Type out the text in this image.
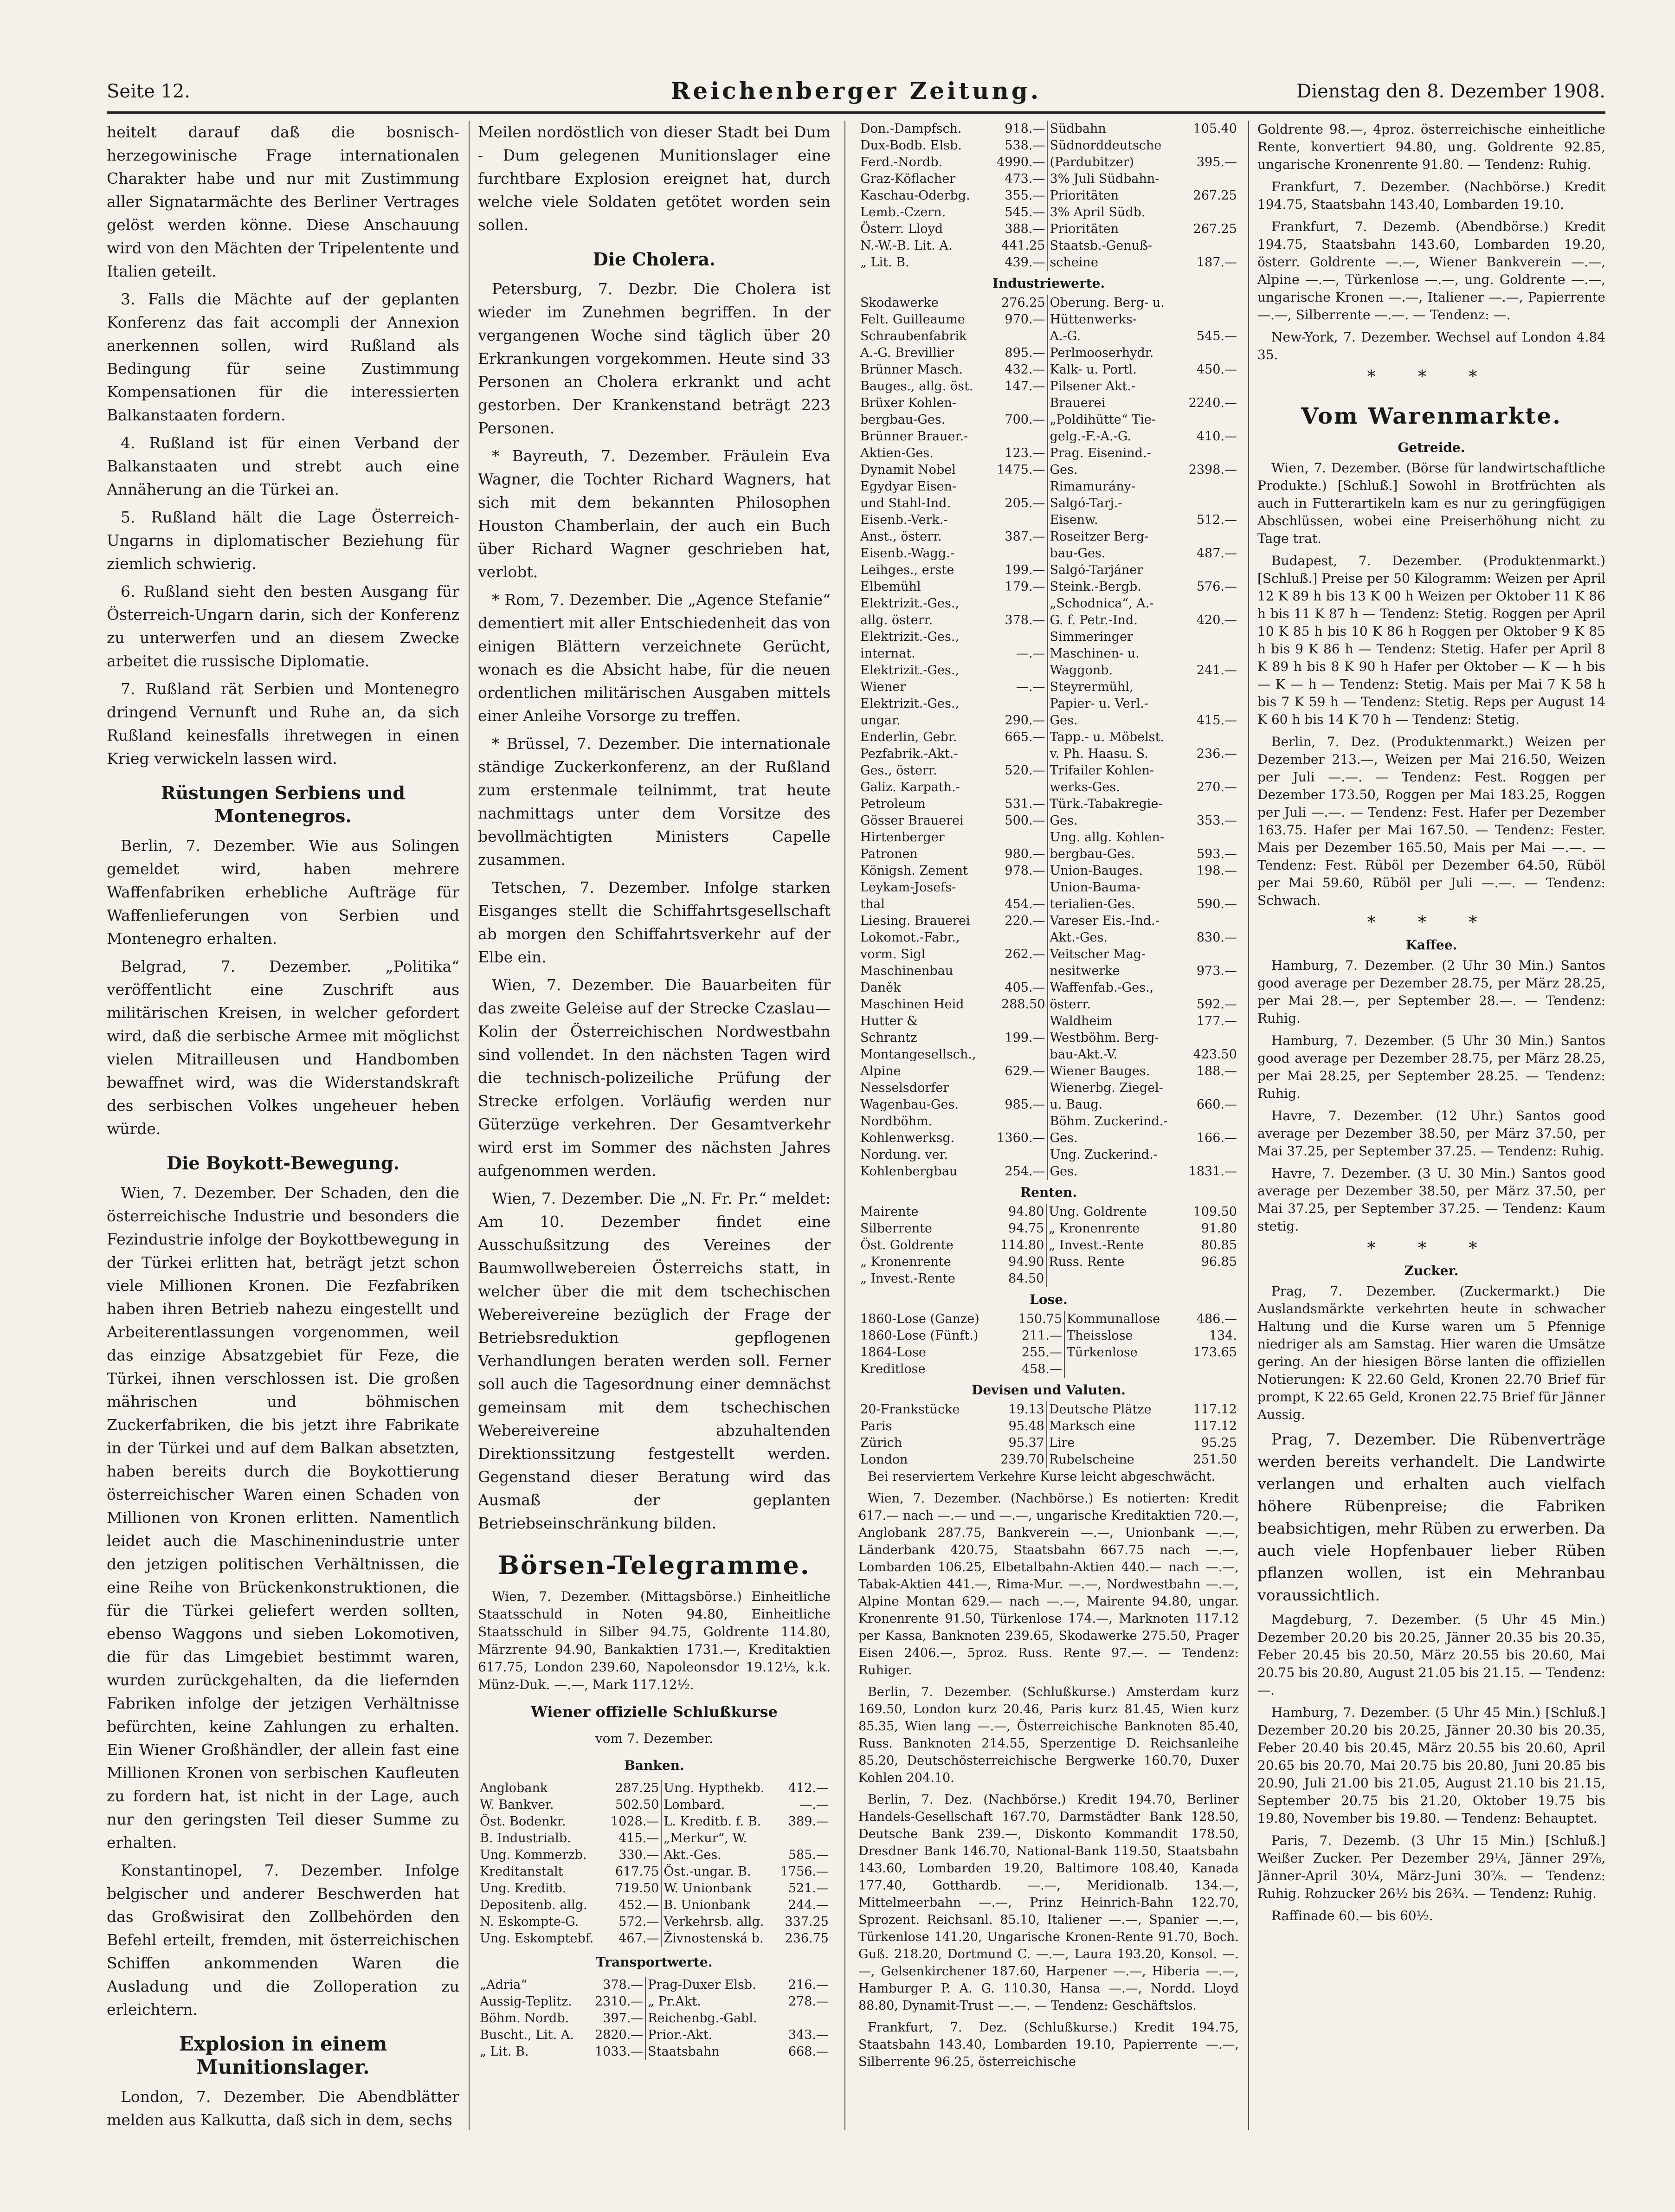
Seite 12.	Reichenberger Zeitung.	Dienstag den 8. Dezember 1908.

heitelt darauf daß die bosnisch-herzegowinische Frage internationalen Charakter habe und nur mit Zustimmung aller Signatarmächte des Berliner Vertrages gelöst werden könne. Diese Anschauung wird von den Mächten der Tripelentente und Italien geteilt.

3. Falls die Mächte auf der geplanten Konferenz das fait accompli der Annexion anerkennen sollen, wird Rußland als Bedingung für seine Zustimmung Kompensationen für die interessierten Balkanstaaten fordern.

4. Rußland ist für einen Verband der Balkanstaaten und strebt auch eine Annäherung an die Türkei an.

5. Rußland hält die Lage Österreich-Ungarns in diplomatischer Beziehung für ziemlich schwierig.

6. Rußland sieht den besten Ausgang für Österreich-Ungarn darin, sich der Konferenz zu unterwerfen und an diesem Zwecke arbeitet die russische Diplomatie.

7. Rußland rät Serbien und Montenegro dringend Vernunft und Ruhe an, da sich Rußland keinesfalls ihretwegen in einen Krieg verwickeln lassen wird.

Rüstungen Serbiens und Montenegros.

Berlin, 7. Dezember. Wie aus Solingen gemeldet wird, haben mehrere Waffenfabriken erhebliche Aufträge für Waffenlieferungen von Serbien und Montenegro erhalten.

Belgrad, 7. Dezember. „Politika“ veröffentlicht eine Zuschrift aus militärischen Kreisen, in welcher gefordert wird, daß die serbische Armee mit möglichst vielen Mitrailleusen und Handbomben bewaffnet wird, was die Widerstandskraft des serbischen Volkes ungeheuer heben würde.

Die Boykott-Bewegung.

Wien, 7. Dezember. Der Schaden, den die österreichische Industrie und besonders die Fezindustrie infolge der Boykottbewegung in der Türkei erlitten hat, beträgt jetzt schon viele Millionen Kronen. Die Fezfabriken haben ihren Betrieb nahezu eingestellt und Arbeiterentlassungen vorgenommen, weil das einzige Absatzgebiet für Feze, die Türkei, ihnen verschlossen ist. Die großen mährischen und böhmischen Zuckerfabriken, die bis jetzt ihre Fabrikate in der Türkei und auf dem Balkan absetzten, haben bereits durch die Boykottierung österreichischer Waren einen Schaden von Millionen von Kronen erlitten. Namentlich leidet auch die Maschinenindustrie unter den jetzigen politischen Verhältnissen, die eine Reihe von Brückenkonstruktionen, die für die Türkei geliefert werden sollten, ebenso Waggons und sieben Lokomotiven, die für das Limgebiet bestimmt waren, wurden zurückgehalten, da die liefernden Fabriken infolge der jetzigen Verhältnisse befürchten, keine Zahlungen zu erhalten. Ein Wiener Großhändler, der allein fast eine Millionen Kronen von serbischen Kaufleuten zu fordern hat, ist nicht in der Lage, auch nur den geringsten Teil dieser Summe zu erhalten.

Konstantinopel, 7. Dezember. Infolge belgischer und anderer Beschwerden hat das Großwisirat den Zollbehörden den Befehl erteilt, fremden, mit österreichischen Schiffen ankommenden Waren die Ausladung und die Zolloperation zu erleichtern.

Explosion in einem Munitionslager.

London, 7. Dezember. Die Abendblätter melden aus Kalkutta, daß sich in dem, sechs

Meilen nordöstlich von dieser Stadt bei Dum - Dum gelegenen Munitionslager eine furchtbare Explosion ereignet hat, durch welche viele Soldaten getötet worden sein sollen.

Die Cholera.

Petersburg, 7. Dezbr. Die Cholera ist wieder im Zunehmen begriffen. In der vergangenen Woche sind täglich über 20 Erkrankungen vorgekommen. Heute sind 33 Personen an Cholera erkrankt und acht gestorben. Der Krankenstand beträgt 223 Personen.

* Bayreuth, 7. Dezember. Fräulein Eva Wagner, die Tochter Richard Wagners, hat sich mit dem bekannten Philosophen Houston Chamberlain, der auch ein Buch über Richard Wagner geschrieben hat, verlobt.

* Rom, 7. Dezember. Die „Agence Stefanie“ dementiert mit aller Entschiedenheit das von einigen Blättern verzeichnete Gerücht, wonach es die Absicht habe, für die neuen ordentlichen militärischen Ausgaben mittels einer Anleihe Vorsorge zu treffen.

* Brüssel, 7. Dezember. Die internationale ständige Zuckerkonferenz, an der Rußland zum erstenmale teilnimmt, trat heute nachmittags unter dem Vorsitze des bevollmächtigten Ministers Capelle zusammen.

Tetschen, 7. Dezember. Infolge starken Eisganges stellt die Schiffahrtsgesellschaft ab morgen den Schiffahrtsverkehr auf der Elbe ein.

Wien, 7. Dezember. Die Bauarbeiten für das zweite Geleise auf der Strecke Czaslau—Kolin der Österreichischen Nordwestbahn sind vollendet. In den nächsten Tagen wird die technisch-polizeiliche Prüfung der Strecke erfolgen. Vorläufig werden nur Güterzüge verkehren. Der Gesamtverkehr wird erst im Sommer des nächsten Jahres aufgenommen werden.

Wien, 7. Dezember. Die „N. Fr. Pr.“ meldet: Am 10. Dezember findet eine Ausschußsitzung des Vereines der Baumwollwebereien Österreichs statt, in welcher über die mit dem tschechischen Webereivereine bezüglich der Frage der Betriebsreduktion gepflogenen Verhandlungen beraten werden soll. Ferner soll auch die Tagesordnung einer demnächst gemeinsam mit dem tschechischen Webereivereine abzuhaltenden Direktionssitzung festgestellt werden. Gegenstand dieser Beratung wird das Ausmaß der geplanten Betriebseinschränkung bilden.

Börsen-Telegramme.

Wien, 7. Dezember. (Mittagsbörse.) Einheitliche Staatsschuld in Noten 94.80, Einheitliche Staatsschuld in Silber 94.75, Goldrente 114.80, Märzrente 94.90, Bankaktien 1731.—, Kreditaktien 617.75, London 239.60, Napoleonsdor 19.12½, k.k. Münz-Duk. —.—, Mark 117.12½.

Wiener offizielle Schlußkurse
vom 7. Dezember.
Banken.
Anglobank	287.25	Ung. Hypthekb.	412.—
W. Bankver.	502.50	Lombard.	—.—
Öst. Bodenkr.	1028.—	L. Kreditb. f. B.	389.—
B. Industrialb.	415.—	„Merkur“, W.	
Ung. Kommerzb.	330.—	Akt.-Ges.	585.—
Kreditanstalt	617.75	Öst.-ungar. B.	1756.—
Ung. Kreditb.	719.50	W. Unionbank	521.—
Depositenb. allg.	452.—	B. Unionbank	244.—
N. Eskompte-G.	572.—	Verkehrsb. allg.	337.25
Ung. Eskomptebf.	467.—	Živnostenská b.	236.75
Transportwerte.
„Adria“	378.—	Prag-Duxer Elsb.	216.—
Aussig-Teplitz.	2310.—	„ Pr.Akt.	278.—
Böhm. Nordb.	397.—	Reichenbg.-Gabl.	
Buscht., Lit. A.	2820.—	Prior.-Akt.	343.—
„ Lit. B.	1033.—	Staatsbahn	668.—
Don.-Dampfsch.	918.—	Südbahn	105.40
Dux-Bodb. Elsb.	538.—	Südnorddeutsche	
Ferd.-Nordb.	4990.—	(Pardubitzer)	395.—
Graz-Köflacher	473.—	3% Juli Südbahn-	
Kaschau-Oderbg.	355.—	Prioritäten	267.25
Lemb.-Czern.	545.—	3% April Südb.	
Österr. Lloyd	388.—	Prioritäten	267.25
N.-W.-B. Lit. A.	441.25	Staatsb.-Genuß-	
„ Lit. B.	439.—	scheine	187.—
Industriewerte.
Skodawerke	276.25	Oberung. Berg- u.	
Felt. Guilleaume	970.—	Hüttenwerks-	
Schraubenfabrik		A.-G.	545.—
A.-G. Brevillier	895.—	Perlmooserhydr.	
Brünner Masch.	432.—	Kalk- u. Portl.	450.—
Bauges., allg. öst.	147.—	Pilsener Akt.-	
Brüxer Kohlen-		Brauerei	2240.—
bergbau-Ges.	700.—	„Poldihütte“ Tie-	
Brünner Brauer.-		gelg.-F.-A.-G.	410.—
Aktien-Ges.	123.—	Prag. Eisenind.-	
Dynamit Nobel	1475.—	Ges.	2398.—
Egydyar Eisen-		Rimamurány-	
und Stahl-Ind.	205.—	Salgó-Tarj.-	
Eisenb.-Verk.-		Eisenw.	512.—
Anst., österr.	387.—	Roseitzer Berg-	
Eisenb.-Wagg.-		bau-Ges.	487.—
Leihges., erste	199.—	Salgó-Tarjáner	
Elbemühl	179.—	Steink.-Bergb.	576.—
Elektrizit.-Ges.,		„Schodnica“, A.-	
allg. österr.	378.—	G. f. Petr.-Ind.	420.—
Elektrizit.-Ges.,		Simmeringer	
internat.	—.—	Maschinen- u.	
Elektrizit.-Ges.,		Waggonb.	241.—
Wiener	—.—	Steyrermühl,	
Elektrizit.-Ges.,		Papier- u. Verl.-	
ungar.	290.—	Ges.	415.—
Enderlin, Gebr.	665.—	Tapp.- u. Möbelst.	
Pezfabrik.-Akt.-		v. Ph. Haasu. S.	236.—
Ges., österr.	520.—	Trifailer Kohlen-	
Galiz. Karpath.-		werks-Ges.	270.—
Petroleum	531.—	Türk.-Tabakregie-	
Gösser Brauerei	500.—	Ges.	353.—
Hirtenberger		Ung. allg. Kohlen-	
Patronen	980.—	bergbau-Ges.	593.—
Königsh. Zement	978.—	Union-Bauges.	198.—
Leykam-Josefs-		Union-Bauma-	
thal	454.—	terialien-Ges.	590.—
Liesing. Brauerei	220.—	Vareser Eis.-Ind.-	
Lokomot.-Fabr.,		Akt.-Ges.	830.—
vorm. Sigl	262.—	Veitscher Mag-	
Maschinenbau		nesitwerke	973.—
Daněk	405.—	Waffenfab.-Ges.,	
Maschinen Heid	288.50	österr.	592.—
Hutter &		Waldheim	177.—
Schrantz	199.—	Westböhm. Berg-	
Montangesellsch.,		bau-Akt.-V.	423.50
Alpine	629.—	Wiener Bauges.	188.—
Nesselsdorfer		Wienerbg. Ziegel-	
Wagenbau-Ges.	985.—	u. Baug.	660.—
Nordböhm.		Böhm. Zuckerind.-	
Kohlenwerksg.	1360.—	Ges.	166.—
Nordung. ver.		Ung. Zuckerind.-	
Kohlenbergbau	254.—	Ges.	1831.—
Renten.
Mairente	94.80	Ung. Goldrente	109.50
Silberrente	94.75	„ Kronenrente	91.80
Öst. Goldrente	114.80	„ Invest.-Rente	80.85
„ Kronenrente	94.90	Russ. Rente	96.85
„ Invest.-Rente	84.50		
Lose.
1860-Lose (Ganze)	150.75	Kommunallose	486.—
1860-Lose (Fünft.)	211.—	Theisslose	134.
1864-Lose	255.—	Türkenlose	173.65
Kreditlose	458.—		
Devisen und Valuten.
20-Frankstücke	19.13	Deutsche Plätze	117.12
Paris	95.48	Marksch eine	117.12
Zürich	95.37	Lire	95.25
London	239.70	Rubelscheine	251.50

Bei reserviertem Verkehre Kurse leicht abgeschwächt.

Wien, 7. Dezember. (Nachbörse.) Es notierten: Kredit 617.— nach —.— und —.—, ungarische Kreditaktien 720.—, Anglobank 287.75, Bankverein —.—, Unionbank —.—, Länderbank 420.75, Staatsbahn 667.75 nach —.—, Lombarden 106.25, Elbetalbahn-Aktien 440.— nach —.—, Tabak-Aktien 441.—, Rima-Mur. —.—, Nordwestbahn —.—, Alpine Montan 629.— nach —.—, Mairente 94.80, ungar. Kronenrente 91.50, Türkenlose 174.—, Marknoten 117.12 per Kassa, Banknoten 239.65, Skodawerke 275.50, Prager Eisen 2406.—, 5proz. Russ. Rente 97.—. — Tendenz: Ruhiger.

Berlin, 7. Dezember. (Schlußkurse.) Amsterdam kurz 169.50, London kurz 20.46, Paris kurz 81.45, Wien kurz 85.35, Wien lang —.—, Österreichische Banknoten 85.40, Russ. Banknoten 214.55, Sperzentige D. Reichsanleihe 85.20, Deutschösterreichische Bergwerke 160.70, Duxer Kohlen 204.10.

Berlin, 7. Dez. (Nachbörse.) Kredit 194.70, Berliner Handels-Gesellschaft 167.70, Darmstädter Bank 128.50, Deutsche Bank 239.—, Diskonto Kommandit 178.50, Dresdner Bank 146.70, National-Bank 119.50, Staatsbahn 143.60, Lombarden 19.20, Baltimore 108.40, Kanada 177.40, Gotthardb. —.—, Meridionalb. 134.—, Mittelmeerbahn —.—, Prinz Heinrich-Bahn 122.70, Sprozent. Reichsanl. 85.10, Italiener —.—, Spanier —.—, Türkenlose 141.20, Ungarische Kronen-Rente 91.70, Boch. Guß. 218.20, Dortmund C. —.—, Laura 193.20, Konsol. —.—, Gelsenkirchener 187.60, Harpener —.—, Hiberia —.—, Hamburger P. A. G. 110.30, Hansa —.—, Nordd. Lloyd 88.80, Dynamit-Trust —.—. — Tendenz: Geschäftslos.

Frankfurt, 7. Dez. (Schlußkurse.) Kredit 194.75, Staatsbahn 143.40, Lombarden 19.10, Papierrente —.—, Silberrente 96.25, österreichische

Goldrente 98.—, 4proz. österreichische einheitliche Rente, konvertiert 94.80, ung. Goldrente 92.85, ungarische Kronenrente 91.80. — Tendenz: Ruhig.

Frankfurt, 7. Dezember. (Nachbörse.) Kredit 194.75, Staatsbahn 143.40, Lombarden 19.10.

Frankfurt, 7. Dezemb. (Abendbörse.) Kredit 194.75, Staatsbahn 143.60, Lombarden 19.20, österr. Goldrente —.—, Wiener Bankverein —.—, Alpine —.—, Türkenlose —.—, ung. Goldrente —.—, ungarische Kronen —.—, Italiener —.—, Papierrente —.—, Silberrente —.—. — Tendenz: —.

New-York, 7. Dezember. Wechsel auf London 4.84 35.

* * *
Vom Warenmarkte.
Getreide.

Wien, 7. Dezember. (Börse für landwirtschaftliche Produkte.) [Schluß.] Sowohl in Brotfrüchten als auch in Futterartikeln kam es nur zu geringfügigen Abschlüssen, wobei eine Preiserhöhung nicht zu Tage trat.

Budapest, 7. Dezember. (Produktenmarkt.) [Schluß.] Preise per 50 Kilogramm: Weizen per April 12 K 89 h bis 13 K 00 h Weizen per Oktober 11 K 86 h bis 11 K 87 h — Tendenz: Stetig. Roggen per April 10 K 85 h bis 10 K 86 h Roggen per Oktober 9 K 85 h bis 9 K 86 h — Tendenz: Stetig. Hafer per April 8 K 89 h bis 8 K 90 h Hafer per Oktober — K — h bis — K — h — Tendenz: Stetig. Mais per Mai 7 K 58 h bis 7 K 59 h — Tendenz: Stetig. Reps per August 14 K 60 h bis 14 K 70 h — Tendenz: Stetig.

Berlin, 7. Dez. (Produktenmarkt.) Weizen per Dezember 213.—, Weizen per Mai 216.50, Weizen per Juli —.—. — Tendenz: Fest. Roggen per Dezember 173.50, Roggen per Mai 183.25, Roggen per Juli —.—. — Tendenz: Fest. Hafer per Dezember 163.75. Hafer per Mai 167.50. — Tendenz: Fester. Mais per Dezember 165.50, Mais per Mai —.—. — Tendenz: Fest. Rüböl per Dezember 64.50, Rüböl per Mai 59.60, Rüböl per Juli —.—. — Tendenz: Schwach.

* * *
Kaffee.

Hamburg, 7. Dezember. (2 Uhr 30 Min.) Santos good average per Dezember 28.75, per März 28.25, per Mai 28.—, per September 28.—. — Tendenz: Ruhig.

Hamburg, 7. Dezember. (5 Uhr 30 Min.) Santos good average per Dezember 28.75, per März 28.25, per Mai 28.25, per September 28.25. — Tendenz: Ruhig.

Havre, 7. Dezember. (12 Uhr.) Santos good average per Dezember 38.50, per März 37.50, per Mai 37.25, per September 37.25. — Tendenz: Ruhig.

Havre, 7. Dezember. (3 U. 30 Min.) Santos good average per Dezember 38.50, per März 37.50, per Mai 37.25, per September 37.25. — Tendenz: Kaum stetig.

* * *
Zucker.

Prag, 7. Dezember. (Zuckermarkt.) Die Auslandsmärkte verkehrten heute in schwacher Haltung und die Kurse waren um 5 Pfennige niedriger als am Samstag. Hier waren die Umsätze gering. An der hiesigen Börse lanten die offiziellen Notierungen: K 22.60 Geld, Kronen 22.70 Brief für prompt, K 22.65 Geld, Kronen 22.75 Brief für Jänner Aussig.

Prag, 7. Dezember. Die Rübenverträge werden bereits verhandelt. Die Landwirte verlangen und erhalten auch vielfach höhere Rübenpreise; die Fabriken beabsichtigen, mehr Rüben zu erwerben. Da auch viele Hopfenbauer lieber Rüben pflanzen wollen, ist ein Mehranbau voraussichtlich.

Magdeburg, 7. Dezember. (5 Uhr 45 Min.) Dezember 20.20 bis 20.25, Jänner 20.35 bis 20.35, Feber 20.45 bis 20.50, März 20.55 bis 20.60, Mai 20.75 bis 20.80, August 21.05 bis 21.15. — Tendenz: —.

Hamburg, 7. Dezember. (5 Uhr 45 Min.) [Schluß.] Dezember 20.20 bis 20.25, Jänner 20.30 bis 20.35, Feber 20.40 bis 20.45, März 20.55 bis 20.60, April 20.65 bis 20.70, Mai 20.75 bis 20.80, Juni 20.85 bis 20.90, Juli 21.00 bis 21.05, August 21.10 bis 21.15, September 20.75 bis 21.20, Oktober 19.75 bis 19.80, November bis 19.80. — Tendenz: Behauptet.

Paris, 7. Dezemb. (3 Uhr 15 Min.) [Schluß.] Weißer Zucker. Per Dezember 29¼, Jänner 29⅞, Jänner-April 30¼, März-Juni 30⅞. — Tendenz: Ruhig. Rohzucker 26½ bis 26¾. — Tendenz: Ruhig.

Raffinade 60.— bis 60½.
